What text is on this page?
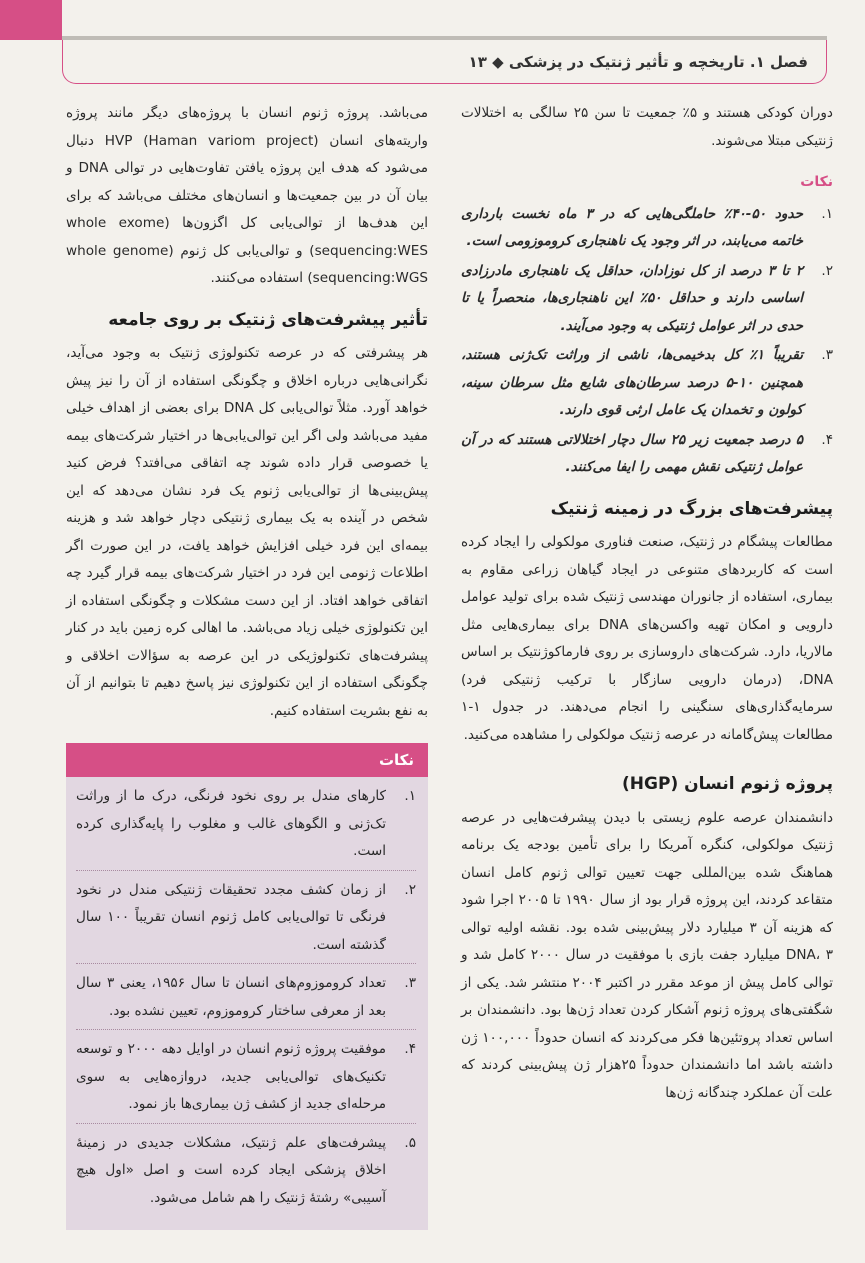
فصل ۱. تاریخچه و تأثیر ژنتیک در پزشکی ◆ ۱۳

دوران کودکی هستند و ۵٪ جمعیت تا سن ۲۵ سالگی به اختلالات ژنتیکی مبتلا می‌شوند.

نکات
۱.
حدود ۵۰-۴۰٪ حاملگی‌هایی که در ۳ ماه نخست بارداری خاتمه می‌یابند، در اثر وجود یک ناهنجاری کروموزومی است.
۲.
۲ تا ۳ درصد از کل نوزادان، حداقل یک ناهنجاری مادرزادی اساسی دارند و حداقل ۵۰٪ این ناهنجاری‌ها، منحصراً یا تا حدی در اثر عوامل ژنتیکی به وجود می‌آیند.
۳.
تقریباً ۱٪ کل بدخیمی‌ها، ناشی از وراثت تک‌ژنی هستند، همچنین ۱۰-۵ درصد سرطان‌های شایع مثل سرطان سینه، کولون و تخمدان یک عامل ارثی قوی دارند.
۴.
۵ درصد جمعیت زیر ۲۵ سال دچار اختلالاتی هستند که در آن عوامل ژنتیکی نقش مهمی را ایفا می‌کنند.
پیشرفت‌های بزرگ در زمینه ژنتیک

مطالعات پیشگام در ژنتیک، صنعت فناوری مولکولی را ایجاد کرده است که کاربردهای متنوعی در ایجاد گیاهان زراعی مقاوم به بیماری، استفاده از جانوران مهندسی ژنتیک شده برای تولید عوامل دارویی و امکان تهیه واکسن‌های DNA برای بیماری‌هایی مثل مالاریا، دارد. شرکت‌های داروسازی بر روی فارماکوژنتیک بر اساس DNA، (درمان دارویی سازگار با ترکیب ژنتیکی فرد) سرمایه‌گذاری‌های سنگینی را انجام می‌دهند. در جدول ۱-۱ مطالعات پیش‌گامانه در عرصه ژنتیک مولکولی را مشاهده می‌کنید.

پروژه ژنوم انسان (HGP)

دانشمندان عرصه علوم زیستی با دیدن پیشرفت‌هایی در عرصه ژنتیک مولکولی، کنگره آمریکا را برای تأمین بودجه یک برنامه هماهنگ شده بین‌المللی جهت تعیین توالی ژنوم کامل انسان متقاعد کردند، این پروژه قرار بود از سال ۱۹۹۰ تا ۲۰۰۵ اجرا شود که هزینه آن ۳ میلیارد دلار پیش‌بینی شده بود. نقشه اولیه توالی DNA، ۳ میلیارد جفت بازی با موفقیت در سال ۲۰۰۰ کامل شد و توالی کامل پیش از موعد مقرر در اکتبر ۲۰۰۴ منتشر شد. یکی از شگفتی‌های پروژه ژنوم آشکار کردن تعداد ژن‌ها بود. دانشمندان بر اساس تعداد پروتئین‌ها فکر می‌کردند که انسان حدوداً ۱۰۰,۰۰۰ ژن داشته باشد اما دانشمندان حدوداً ۲۵هزار ژن پیش‌بینی کردند که علت آن عملکرد چندگانه ژن‌ها

می‌باشد. پروژه ژنوم انسان با پروژه‌های دیگر مانند پروژه واریته‌های انسان HVP (Haman variom project) دنبال می‌شود که هدف این پروژه یافتن تفاوت‌هایی در توالی DNA و بیان آن در بین جمعیت‌ها و انسان‌های مختلف می‌باشد که برای این هدف‌ها از توالی‌یابی کل اگزون‌ها (whole exome sequencing:WES) و توالی‌یابی کل ژنوم (whole genome sequencing:WGS) استفاده می‌کنند.

تأثیر پیشرفت‌های ژنتیک بر روی جامعه

هر پیشرفتی که در عرصه تکنولوژی ژنتیک به وجود می‌آید، نگرانی‌هایی درباره اخلاق و چگونگی استفاده از آن را نیز پیش خواهد آورد. مثلاً توالی‌یابی کل DNA برای بعضی از اهداف خیلی مفید می‌باشد ولی اگر این توالی‌یابی‌ها در اختیار شرکت‌های بیمه یا خصوصی قرار داده شوند چه اتفاقی می‌افتد؟ فرض کنید پیش‌بینی‌ها از توالی‌یابی ژنوم یک فرد نشان می‌دهد که این شخص در آینده به یک بیماری ژنتیکی دچار خواهد شد و هزینه بیمه‌ای این فرد خیلی افزایش خواهد یافت، در این صورت اگر اطلاعات ژنومی این فرد در اختیار شرکت‌های بیمه قرار گیرد چه اتفاقی خواهد افتاد. از این دست مشکلات و چگونگی استفاده از این تکنولوژی خیلی زیاد می‌باشد. ما اهالی کره زمین باید در کنار پیشرفت‌های تکنولوژیکی در این عرصه به سؤالات اخلاقی و چگونگی استفاده از این تکنولوژی نیز پاسخ دهیم تا بتوانیم از آن به نفع بشریت استفاده کنیم.

نکات
۱.
کارهای مندل بر روی نخود فرنگی، درک ما از وراثت تک‌ژنی و الگوهای غالب و مغلوب را پایه‌گذاری کرده است.
۲.
از زمان کشف مجدد تحقیقات ژنتیکی مندل در نخود فرنگی تا توالی‌یابی کامل ژنوم انسان تقریباً ۱۰۰ سال گذشته است.
۳.
تعداد کروموزوم‌های انسان تا سال ۱۹۵۶، یعنی ۳ سال بعد از معرفی ساختار کروموزوم، تعیین نشده بود.
۴.
موفقیت پروژه ژنوم انسان در اوایل دهه ۲۰۰۰ و توسعه تکنیک‌های توالی‌یابی جدید، دروازه‌هایی به سوی مرحله‌ای جدید از کشف ژن بیماری‌ها باز نمود.
۵.
پیشرفت‌های علم ژنتیک، مشکلات جدیدی در زمینهٔ اخلاق پزشکی ایجاد کرده است و اصل «اول هیچ آسیبی» رشتهٔ ژنتیک را هم شامل می‌شود.
